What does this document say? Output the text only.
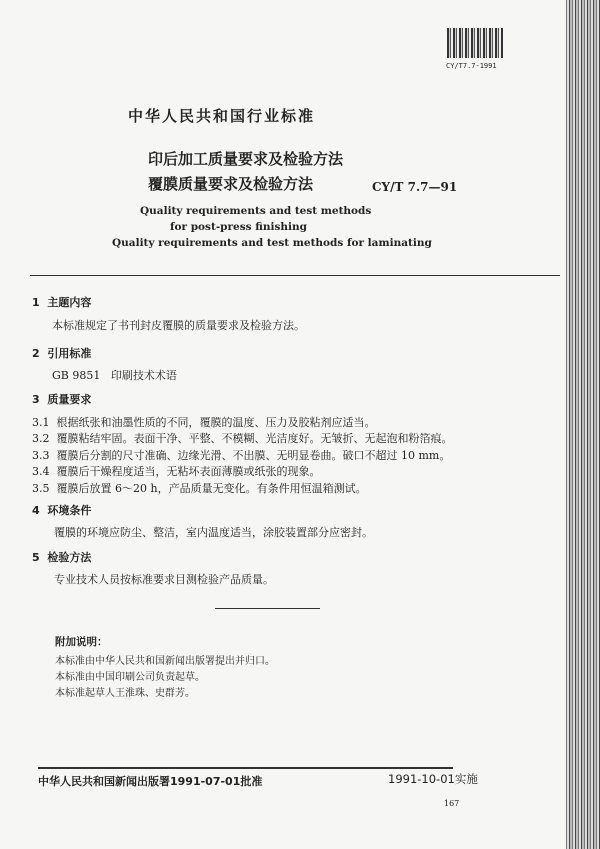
CY/T7.7-1991
中华人民共和国行业标准
印后加工质量要求及检验方法
覆膜质量要求及检验方法	CY/T 7.7—91
Quality requirements and test methods
for post-press finishing
Quality requirements and test methods for laminating
1 主题内容
本标准规定了书刊封皮覆膜的质量要求及检验方法。
2 引用标准
GB 9851 印刷技术术语
3 质量要求
3.1 根据纸张和油墨性质的不同，覆膜的温度、压力及胶粘剂应适当。
3.2 覆膜粘结牢固。表面干净、平整、不模糊、光洁度好。无皱折、无起泡和粉箔痕。
3.3 覆膜后分割的尺寸准确、边缘光滑、不出膜、无明显卷曲。破口不超过 10 mm。
3.4 覆膜后干燥程度适当，无粘坏表面薄膜或纸张的现象。
3.5 覆膜后放置 6～20 h，产品质量无变化。有条件用恒温箱测试。
4 环境条件
覆膜的环境应防尘、整洁，室内温度适当，涂胶装置部分应密封。
5 检验方法
专业技术人员按标准要求目测检验产品质量。
附加说明：
本标准由中华人民共和国新闻出版署提出并归口。
本标准由中国印刷公司负责起草。
本标准起草人王淮珠、史群芳。
中华人民共和国新闻出版署1991-07-01批准	1991-10-01实施
167
